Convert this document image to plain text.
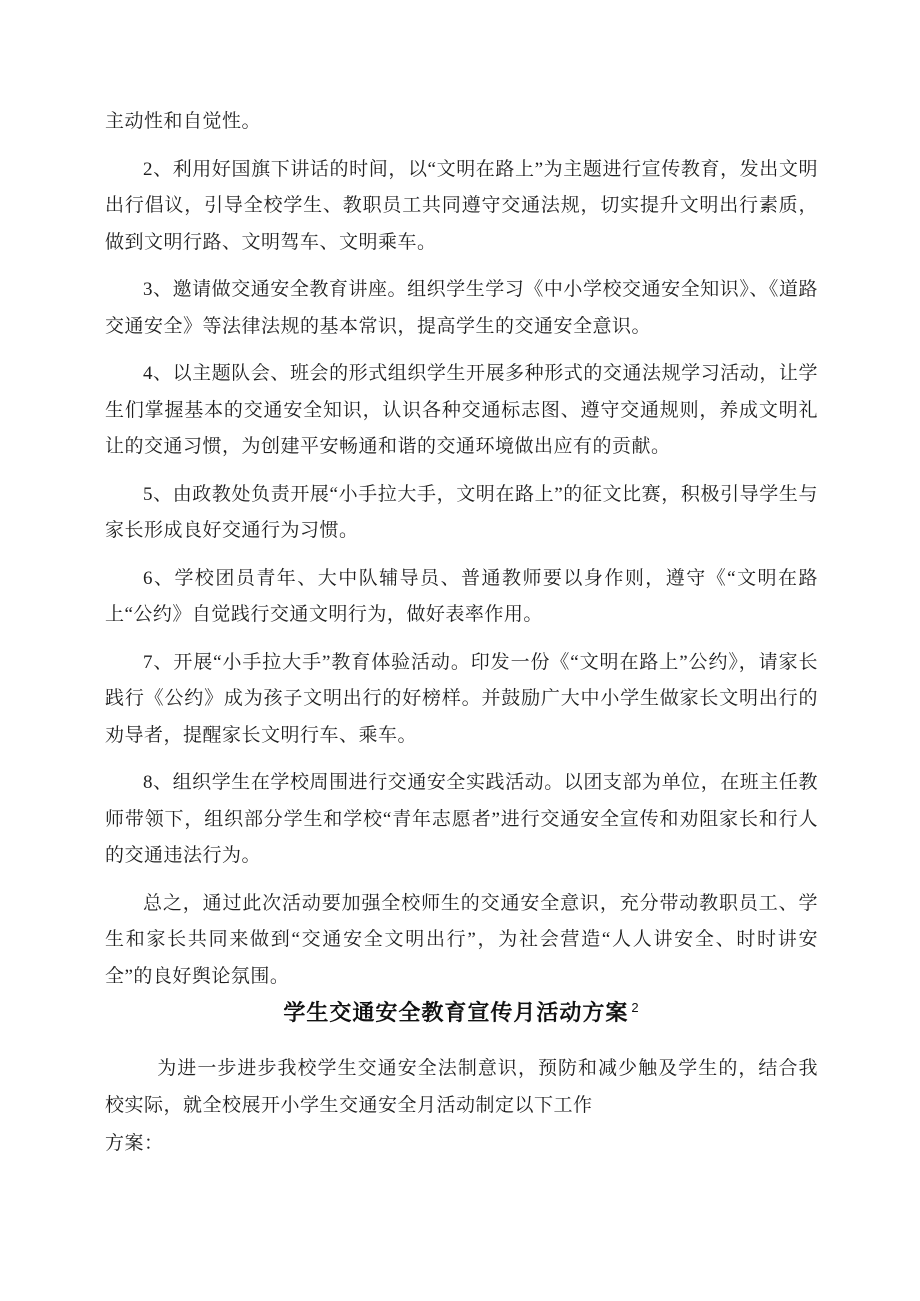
主动性和自觉性。

2、利用好国旗下讲话的时间，以“文明在路上”为主题进行宣传教育，发出文明出行倡议，引导全校学生、教职员工共同遵守交通法规，切实提升文明出行素质，做到文明行路、文明驾车、文明乘车。

3、邀请做交通安全教育讲座。组织学生学习《中小学校交通安全知识》、《道路交通安全》等法律法规的基本常识，提高学生的交通安全意识。

4、以主题队会、班会的形式组织学生开展多种形式的交通法规学习活动，让学生们掌握基本的交通安全知识，认识各种交通标志图、遵守交通规则，养成文明礼让的交通习惯，为创建平安畅通和谐的交通环境做出应有的贡献。

5、由政教处负责开展“小手拉大手，文明在路上”的征文比赛，积极引导学生与家长形成良好交通行为习惯。

6、学校团员青年、大中队辅导员、普通教师要以身作则，遵守《“文明在路上“公约》自觉践行交通文明行为，做好表率作用。

7、开展“小手拉大手”教育体验活动。印发一份《“文明在路上”公约》，请家长践行《公约》成为孩子文明出行的好榜样。并鼓励广大中小学生做家长文明出行的劝导者，提醒家长文明行车、乘车。

8、组织学生在学校周围进行交通安全实践活动。以团支部为单位，在班主任教师带领下，组织部分学生和学校“青年志愿者”进行交通安全宣传和劝阻家长和行人的交通违法行为。

总之，通过此次活动要加强全校师生的交通安全意识，充分带动教职员工、学生和家长共同来做到“交通安全文明出行”，为社会营造“人人讲安全、时时讲安全”的良好舆论氛围。

学生交通安全教育宣传月活动方案 $^2$

为进一步进步我校学生交通安全法制意识，预防和减少触及学生的，结合我校实际，就全校展开小学生交通安全月活动制定以下工作

方案：
